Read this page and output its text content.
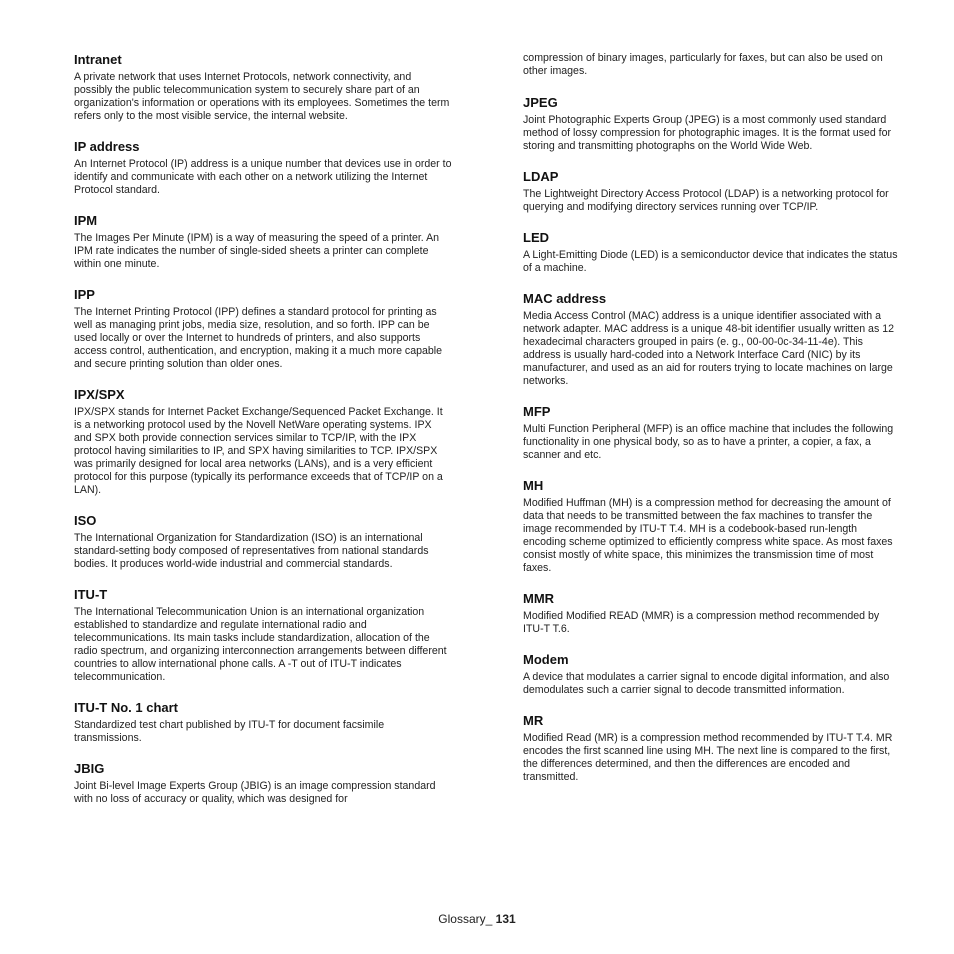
Intranet

A private network that uses Internet Protocols, network connectivity, and possibly the public telecommunication system to securely share part of an organization's information or operations with its employees. Sometimes the term refers only to the most visible service, the internal website.

IP address

An Internet Protocol (IP) address is a unique number that devices use in order to identify and communicate with each other on a network utilizing the Internet Protocol standard.

IPM

The Images Per Minute (IPM) is a way of measuring the speed of a printer. An IPM rate indicates the number of single-sided sheets a printer can complete within one minute.

IPP

The Internet Printing Protocol (IPP) defines a standard protocol for printing as well as managing print jobs, media size, resolution, and so forth. IPP can be used locally or over the Internet to hundreds of printers, and also supports access control, authentication, and encryption, making it a much more capable and secure printing solution than older ones.

IPX/SPX

IPX/SPX stands for Internet Packet Exchange/Sequenced Packet Exchange. It is a networking protocol used by the Novell NetWare operating systems. IPX and SPX both provide connection services similar to TCP/IP, with the IPX protocol having similarities to IP, and SPX having similarities to TCP. IPX/SPX was primarily designed for local area networks (LANs), and is a very efficient protocol for this purpose (typically its performance exceeds that of TCP/IP on a LAN).

ISO

The International Organization for Standardization (ISO) is an international standard-setting body composed of representatives from national standards bodies. It produces world-wide industrial and commercial standards.

ITU-T

The International Telecommunication Union is an international organization established to standardize and regulate international radio and telecommunications. Its main tasks include standardization, allocation of the radio spectrum, and organizing interconnection arrangements between different countries to allow international phone calls. A -T out of ITU-T indicates telecommunication.

ITU-T No. 1 chart

Standardized test chart published by ITU-T for document facsimile transmissions.

JBIG

Joint Bi-level Image Experts Group (JBIG) is an image compression standard with no loss of accuracy or quality, which was designed for

compression of binary images, particularly for faxes, but can also be used on other images.

JPEG

Joint Photographic Experts Group (JPEG) is a most commonly used standard method of lossy compression for photographic images. It is the format used for storing and transmitting photographs on the World Wide Web.

LDAP

The Lightweight Directory Access Protocol (LDAP) is a networking protocol for querying and modifying directory services running over TCP/IP.

LED

A Light-Emitting Diode (LED) is a semiconductor device that indicates the status of a machine.

MAC address

Media Access Control (MAC) address is a unique identifier associated with a network adapter. MAC address is a unique 48-bit identifier usually written as 12 hexadecimal characters grouped in pairs (e. g., 00-00-0c-34-11-4e). This address is usually hard-coded into a Network Interface Card (NIC) by its manufacturer, and used as an aid for routers trying to locate machines on large networks.

MFP

Multi Function Peripheral (MFP) is an office machine that includes the following functionality in one physical body, so as to have a printer, a copier, a fax, a scanner and etc.

MH

Modified Huffman (MH) is a compression method for decreasing the amount of data that needs to be transmitted between the fax machines to transfer the image recommended by ITU-T T.4. MH is a codebook-based run-length encoding scheme optimized to efficiently compress white space. As most faxes consist mostly of white space, this minimizes the transmission time of most faxes.

MMR

Modified Modified READ (MMR) is a compression method recommended by ITU-T T.6.

Modem

A device that modulates a carrier signal to encode digital information, and also demodulates such a carrier signal to decode transmitted information.

MR

Modified Read (MR) is a compression method recommended by ITU-T T.4. MR encodes the first scanned line using MH. The next line is compared to the first, the differences determined, and then the differences are encoded and transmitted.

Glossary_ 131
